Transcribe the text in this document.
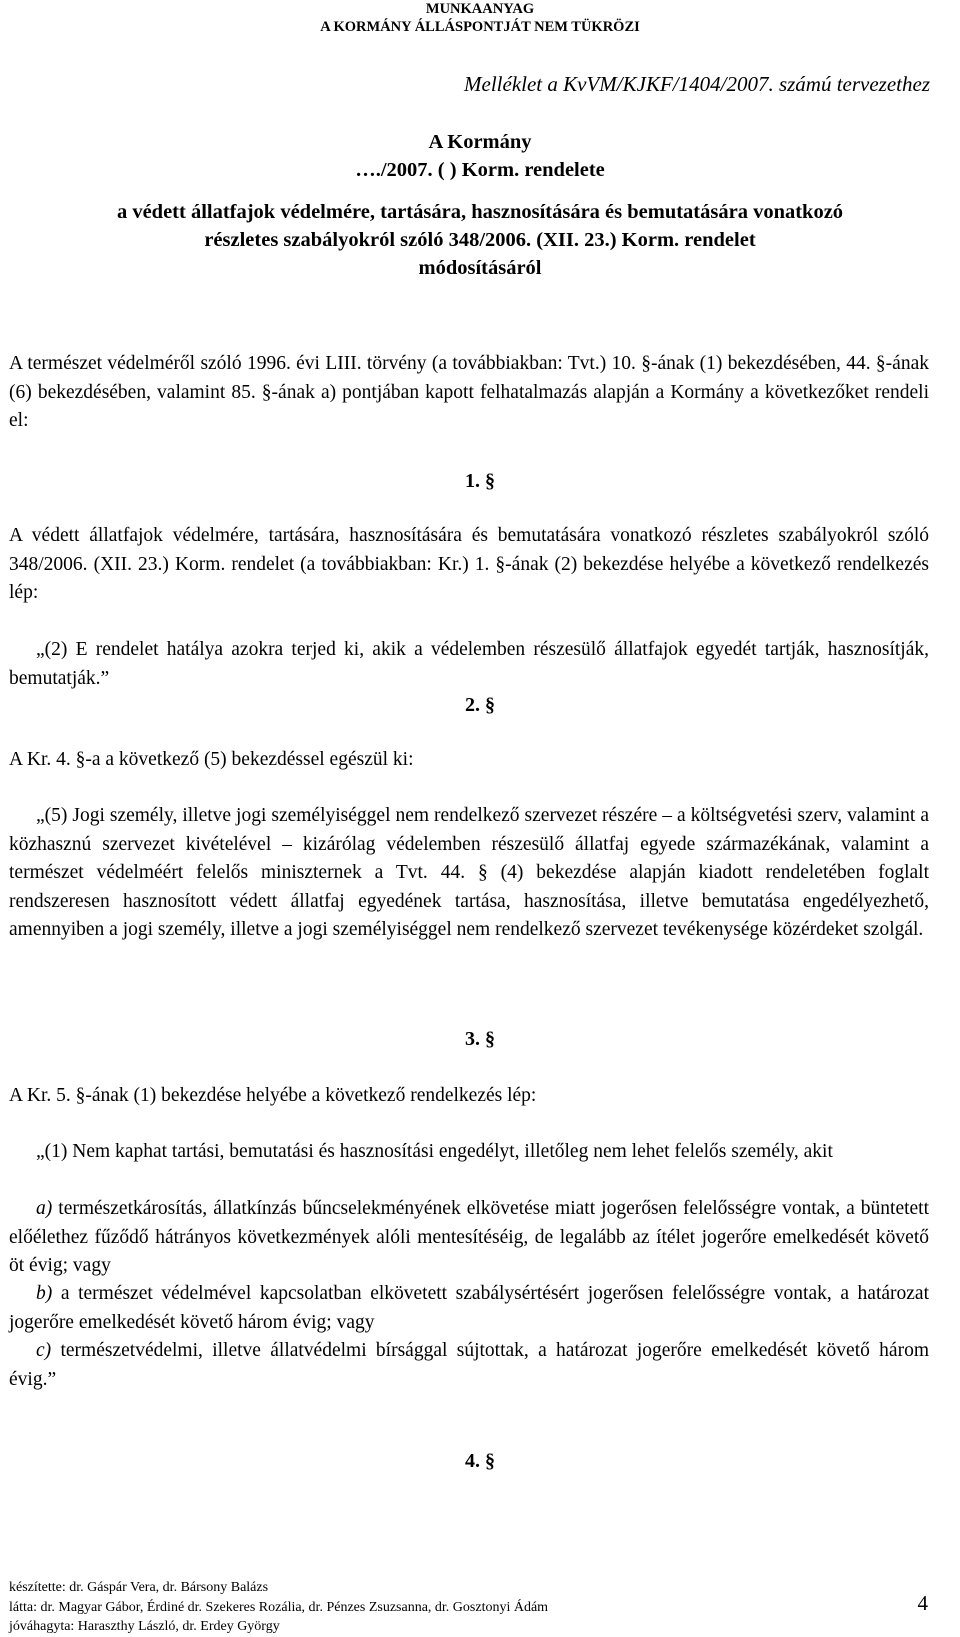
MUNKAANYAG
A KORMÁNY ÁLLÁSPONTJÁT NEM TÜKRÖZI
Melléklet a KvVM/KJKF/1404/2007. számú tervezethez
A Kormány
…./2007. ( ) Korm. rendelete
a védett állatfajok védelmére, tartására, hasznosítására és bemutatására vonatkozó
részletes szabályokról szóló 348/2006. (XII. 23.) Korm. rendelet
módosításáról
A természet védelméről szóló 1996. évi LIII. törvény (a továbbiakban: Tvt.) 10. §-ának (1) bekezdésében, 44. §-ának (6) bekezdésében, valamint 85. §-ának a) pontjában kapott felhatalmazás alapján a Kormány a következőket rendeli el:
1. §
A védett állatfajok védelmére, tartására, hasznosítására és bemutatására vonatkozó részletes szabályokról szóló 348/2006. (XII. 23.) Korm. rendelet (a továbbiakban: Kr.) 1. §-ának (2) bekezdése helyébe a következő rendelkezés lép:
„(2) E rendelet hatálya azokra terjed ki, akik a védelemben részesülő állatfajok egyedét tartják, hasznosítják, bemutatják.”
2. §
A Kr. 4. §-a a következő (5) bekezdéssel egészül ki:
„(5) Jogi személy, illetve jogi személyiséggel nem rendelkező szervezet részére – a költségvetési szerv, valamint a közhasznú szervezet kivételével – kizárólag védelemben részesülő állatfaj egyede származékának, valamint a természet védelméért felelős miniszternek a Tvt. 44. § (4) bekezdése alapján kiadott rendeletében foglalt rendszeresen hasznosított védett állatfaj egyedének tartása, hasznosítása, illetve bemutatása engedélyezhető, amennyiben a jogi személy, illetve a jogi személyiséggel nem rendelkező szervezet tevékenysége közérdeket szolgál.
3. §
A Kr. 5. §-ának (1) bekezdése helyébe a következő rendelkezés lép:
„(1) Nem kaphat tartási, bemutatási és hasznosítási engedélyt, illetőleg nem lehet felelős személy, akit
a) természetkárosítás, állatkínzás bűncselekményének elkövetése miatt jogerősen felelősségre vontak, a büntetett előélethez fűződő hátrányos következmények alóli mentesítéséig, de legalább az ítélet jogerőre emelkedését követő öt évig; vagy
b) a természet védelmével kapcsolatban elkövetett szabálysértésért jogerősen felelősségre vontak, a határozat jogerőre emelkedését követő három évig; vagy
c) természetvédelmi, illetve állatvédelmi bírsággal sújtottak, a határozat jogerőre emelkedését követő három évig.”
4. §
készítette: dr. Gáspár Vera, dr. Bársony Balázs
látta: dr. Magyar Gábor, Érdiné dr. Szekeres Rozália, dr. Pénzes Zsuzsanna, dr. Gosztonyi Ádám
jóváhagyta: Haraszthy László, dr. Erdey György
4
